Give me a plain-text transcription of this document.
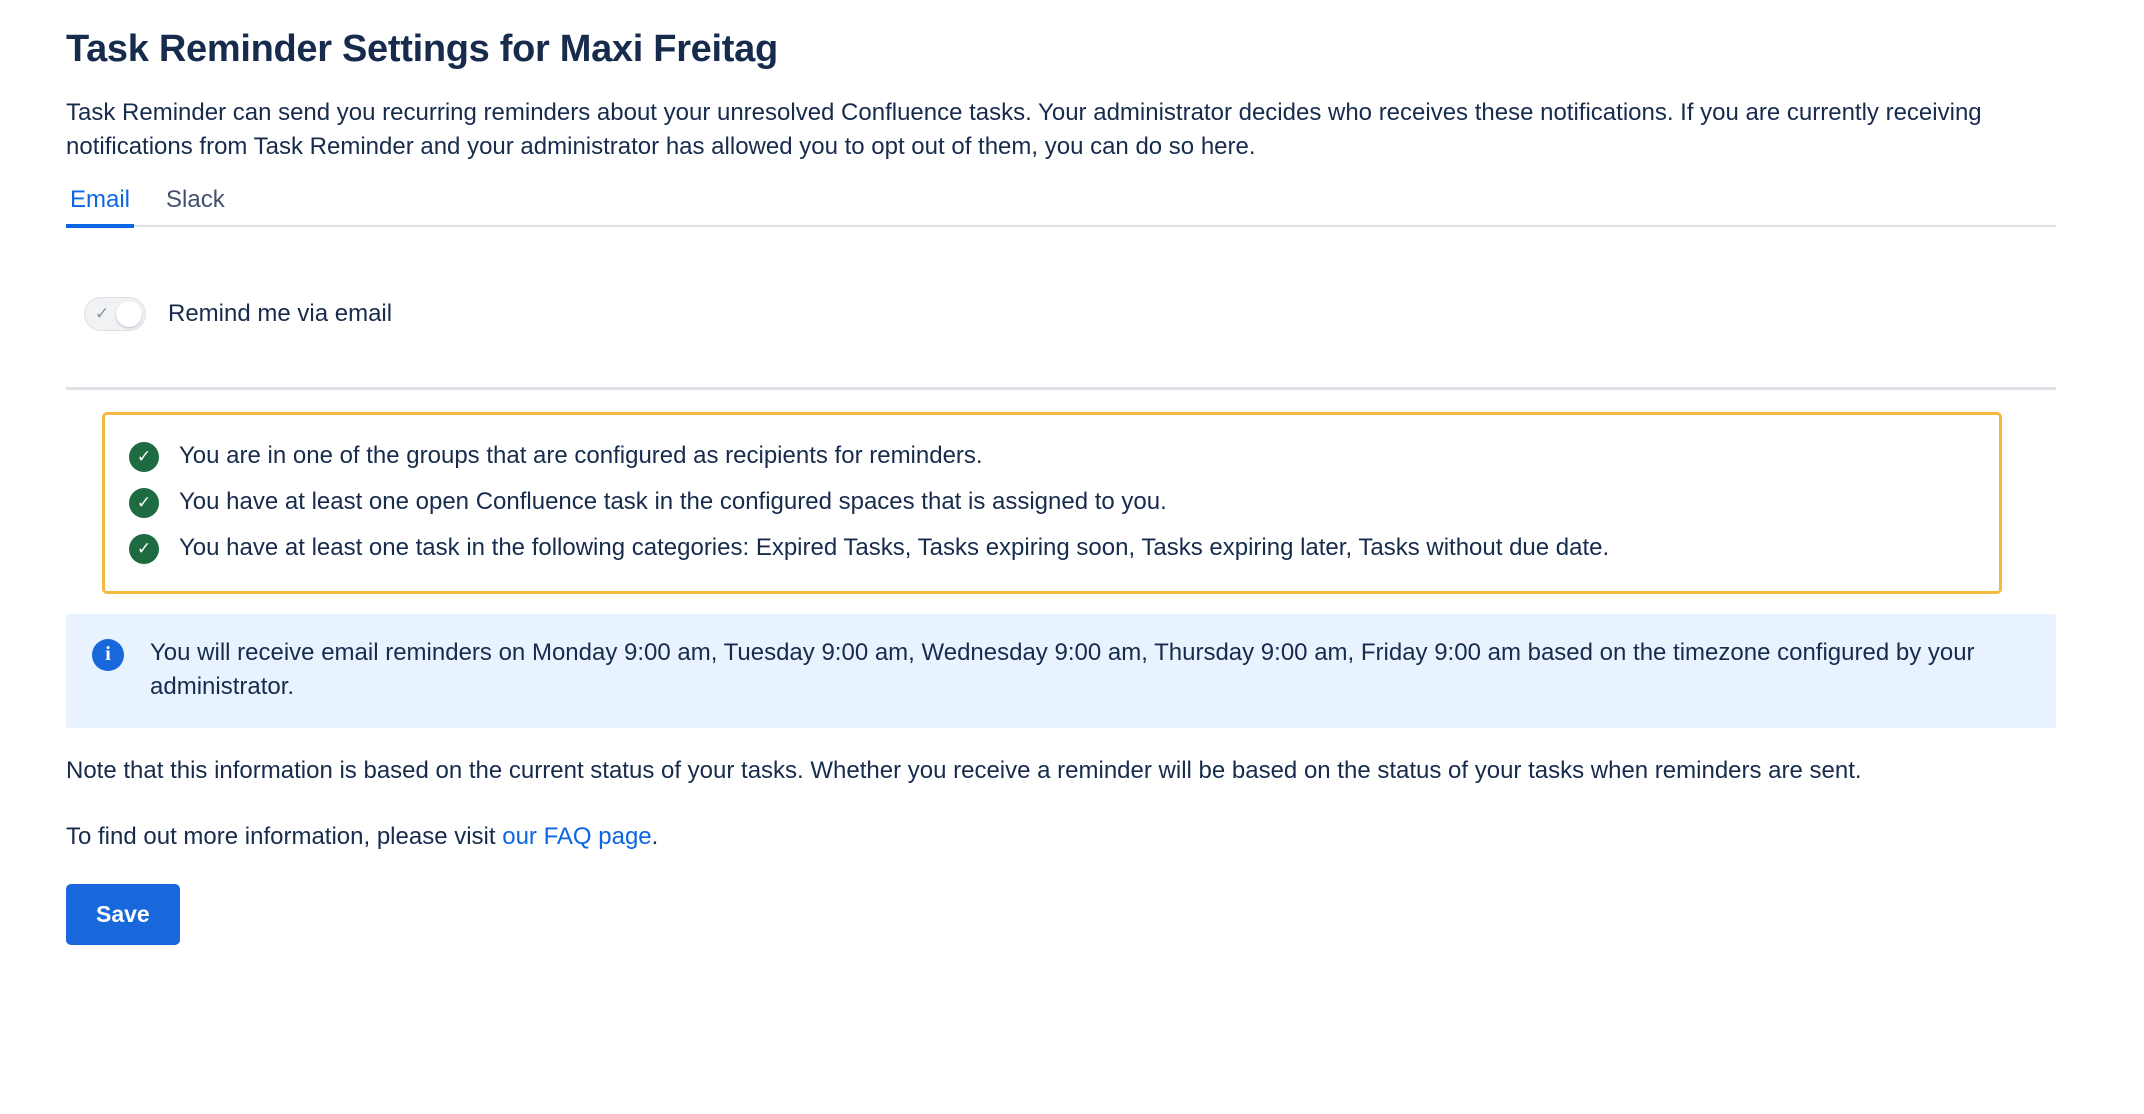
Task Reminder Settings for Maxi Freitag

Task Reminder can send you recurring reminders about your unresolved Confluence tasks. Your administrator decides who receives these notifications. If you are currently receiving notifications from Task Reminder and your administrator has allowed you to opt out of them, you can do so here.

Email Slack
✓ Remind me via email
✓	You are in one of the groups that are configured as recipients for reminders.
✓	You have at least one open Confluence task in the configured spaces that is assigned to you.
✓	You have at least one task in the following categories: Expired Tasks, Tasks expiring soon, Tasks expiring later, Tasks without due date.
i	You will receive email reminders on Monday 9:00 am, Tuesday 9:00 am, Wednesday 9:00 am, Thursday 9:00 am, Friday 9:00 am based on the timezone configured by your administrator.

Note that this information is based on the current status of your tasks. Whether you receive a reminder will be based on the status of your tasks when reminders are sent.

To find out more information, please visit our FAQ page.

Save
